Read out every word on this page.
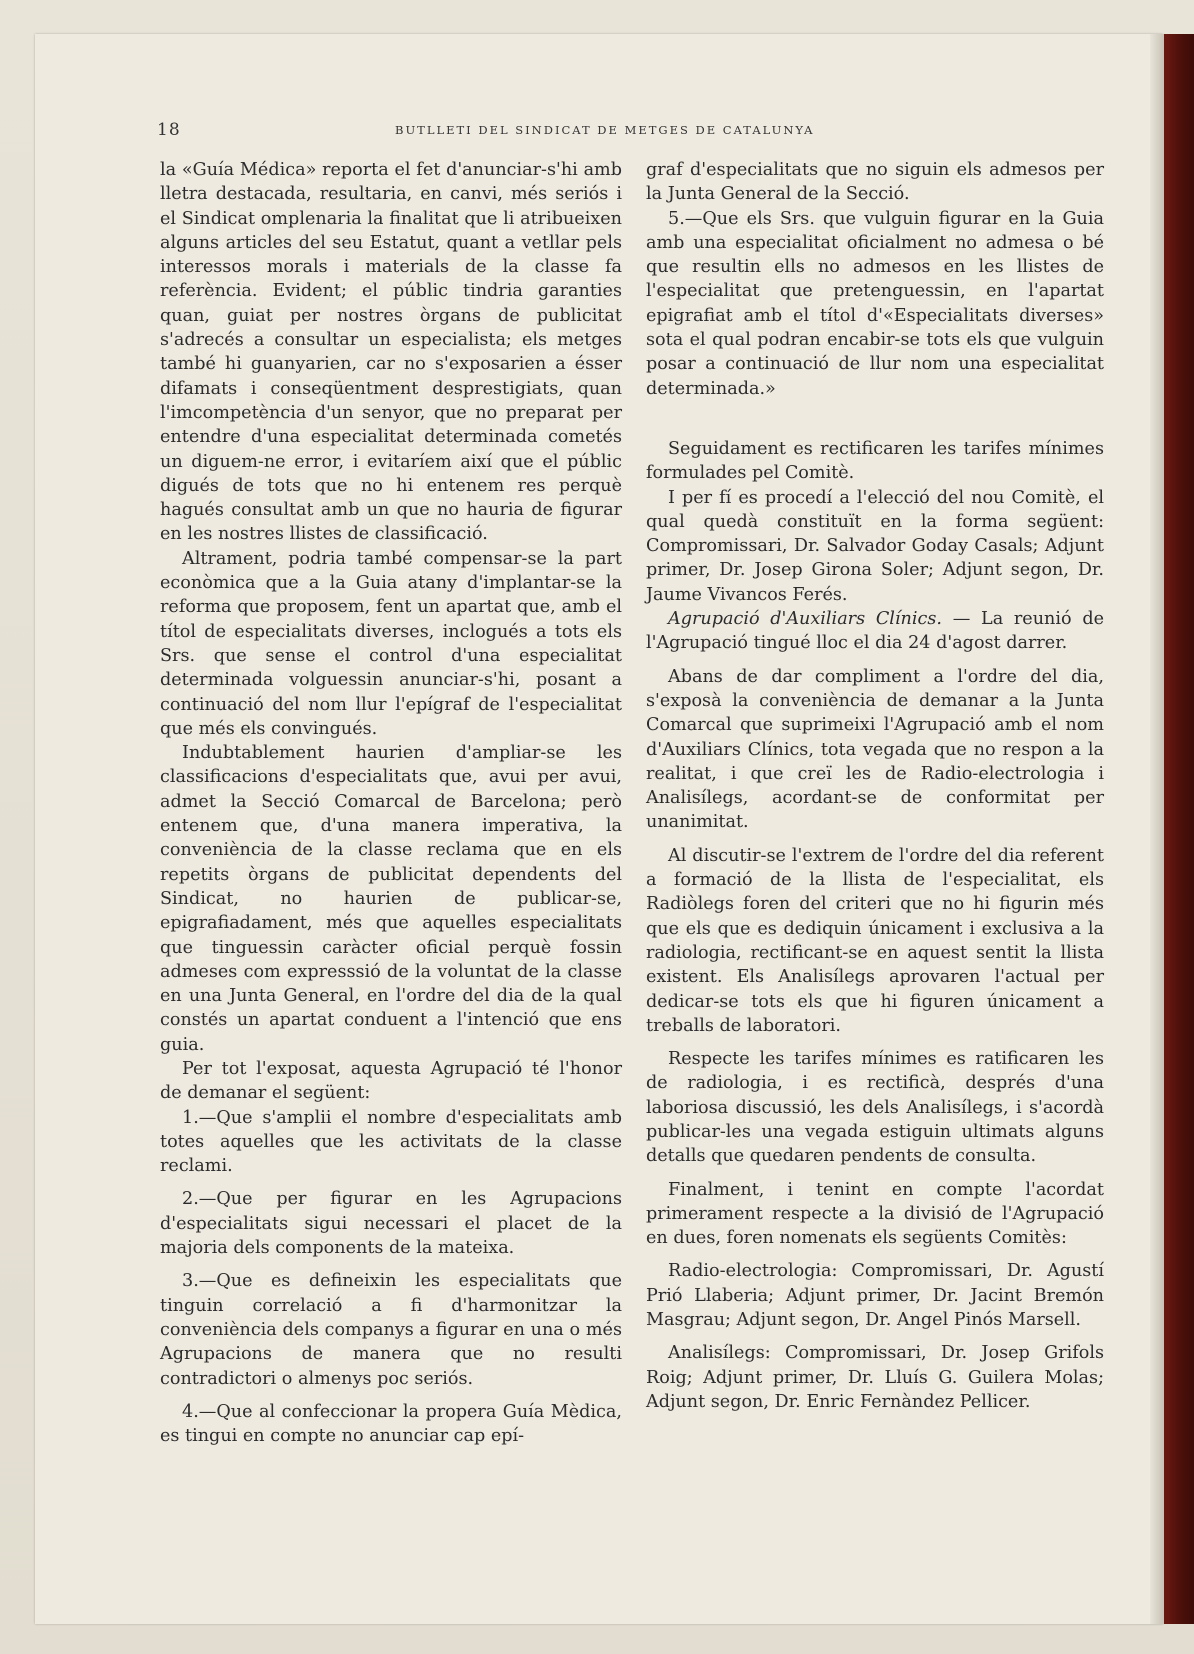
18	BUTLLETI DEL SINDICAT DE METGES DE CATALUNYA

la «Guía Médica» reporta el fet d'anunciar-s'hi amb lletra destacada, resultaria, en canvi, més seriós i el Sindicat omplenaria la finalitat que li atribueixen alguns articles del seu Estatut, quant a vetllar pels interessos morals i materials de la classe fa referència. Evident; el públic tindria garanties quan, guiat per nostres òrgans de publicitat s'adrecés a consultar un especialista; els metges també hi guanyarien, car no s'exposarien a ésser difamats i conseqüentment desprestigiats, quan l'imcompetència d'un senyor, que no preparat per entendre d'una especialitat determinada cometés un diguem-ne error, i evitaríem així que el públic digués de tots que no hi entenem res perquè hagués consultat amb un que no hauria de figurar en les nostres llistes de classificació.

Altrament, podria també compensar-se la part econòmica que a la Guia atany d'implantar-se la reforma que proposem, fent un apartat que, amb el títol de especialitats diverses, inclogués a tots els Srs. que sense el control d'una especialitat determinada volguessin anunciar-s'hi, posant a continuació del nom llur l'epígraf de l'especialitat que més els convingués.

Indubtablement haurien d'ampliar-se les classificacions d'especialitats que, avui per avui, admet la Secció Comarcal de Barcelona; però entenem que, d'una manera imperativa, la conveniència de la classe reclama que en els repetits òrgans de publicitat dependents del Sindicat, no haurien de publicar-se, epigrafiadament, més que aquelles especialitats que tinguessin caràcter oficial perquè fossin admeses com expresssió de la voluntat de la classe en una Junta General, en l'ordre del dia de la qual constés un apartat conduent a l'intenció que ens guia.

Per tot l'exposat, aquesta Agrupació té l'honor de demanar el següent:

1.—Que s'amplii el nombre d'especialitats amb totes aquelles que les activitats de la classe reclami.

2.—Que per figurar en les Agrupacions d'especialitats sigui necessari el placet de la majoria dels components de la mateixa.

3.—Que es defineixin les especialitats que tinguin correlació a fi d'harmonitzar la conveniència dels companys a figurar en una o més Agrupacions de manera que no resulti contradictori o almenys poc seriós.

4.—Que al confeccionar la propera Guía Mèdica, es tingui en compte no anunciar cap epí-

graf d'especialitats que no siguin els admesos per la Junta General de la Secció.

5.—Que els Srs. que vulguin figurar en la Guia amb una especialitat oficialment no admesa o bé que resultin ells no admesos en les llistes de l'especialitat que pretenguessin, en l'apartat epigrafiat amb el títol d'«Especialitats diverses» sota el qual podran encabir-se tots els que vulguin posar a continuació de llur nom una especialitat determinada.»

Seguidament es rectificaren les tarifes mínimes formulades pel Comitè.

I per fí es procedí a l'elecció del nou Comitè, el qual quedà constituït en la forma següent: Compromissari, Dr. Salvador Goday Casals; Adjunt primer, Dr. Josep Girona Soler; Adjunt segon, Dr. Jaume Vivancos Ferés.

Agrupació d'Auxiliars Clínics. — La reunió de l'Agrupació tingué lloc el dia 24 d'agost darrer.

Abans de dar compliment a l'ordre del dia, s'exposà la conveniència de demanar a la Junta Comarcal que suprimeixi l'Agrupació amb el nom d'Auxiliars Clínics, tota vegada que no respon a la realitat, i que creï les de Radio-electrologia i Analisílegs, acordant-se de conformitat per unanimitat.

Al discutir-se l'extrem de l'ordre del dia referent a formació de la llista de l'especialitat, els Radiòlegs foren del criteri que no hi figurin més que els que es dediquin únicament i exclusiva a la radiologia, rectificant-se en aquest sentit la llista existent. Els Analisílegs aprovaren l'actual per dedicar-se tots els que hi figuren únicament a treballs de laboratori.

Respecte les tarifes mínimes es ratificaren les de radiologia, i es rectificà, després d'una laboriosa discussió, les dels Analisílegs, i s'acordà publicar-les una vegada estiguin ultimats alguns detalls que quedaren pendents de consulta.

Finalment, i tenint en compte l'acordat primerament respecte a la divisió de l'Agrupació en dues, foren nomenats els següents Comitès:

Radio-electrologia: Compromissari, Dr. Agustí Prió Llaberia; Adjunt primer, Dr. Jacint Bremón Masgrau; Adjunt segon, Dr. Angel Pinós Marsell.

Analisílegs: Compromissari, Dr. Josep Grifols Roig; Adjunt primer, Dr. Lluís G. Guilera Molas; Adjunt segon, Dr. Enric Fernàndez Pellicer.
